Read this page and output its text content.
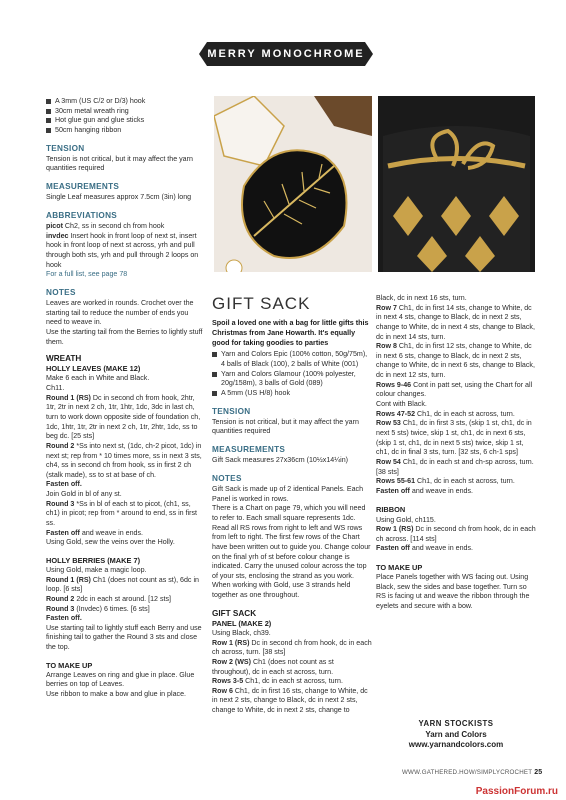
MERRY MONOCHROME
A 3mm (US C/2 or D/3) hook
30cm metal wreath ring
Hot glue gun and glue sticks
50cm hanging ribbon
TENSION

Tension is not critical, but it may affect the yarn quantities required

MEASUREMENTS

Single Leaf measures approx 7.5cm (3in) long

ABBREVIATIONS

picot Ch2, ss in second ch from hook

invdec Insert hook in front loop of next st, insert hook in front loop of next st across, yrh and pull through both sts, yrh and pull through 2 loops on hook

For a full list, see page 78

NOTES

Leaves are worked in rounds. Crochet over the starting tail to reduce the number of ends you need to weave in.

Use the starting tail from the Berries to lightly stuff them.

WREATH
HOLLY LEAVES (MAKE 12)

Make 6 each in White and Black.

Ch11.

Round 1 (RS) Dc in second ch from hook, 2htr, 1tr, 2tr in next 2 ch, 1tr, 1htr, 1dc, 3dc in last ch, turn to work down opposite side of foundation ch, 1dc, 1htr, 1tr, 2tr in next 2 ch, 1tr, 2htr, 1dc, ss to beg dc. [25 sts]

Round 2 *Ss into next st, (1dc, ch-2 picot, 1dc) in next st; rep from * 10 times more, ss in next 3 sts, ch4, ss in second ch from hook, ss in first 2 ch (stalk made), ss to st at base of ch.

Fasten off.

Join Gold in bl of any st.

Round 3 *Ss in bl of each st to picot, (ch1, ss, ch1) in picot; rep from * around to end, ss in first ss.

Fasten off and weave in ends.

Using Gold, sew the veins over the Holly.

HOLLY BERRIES (MAKE 7)

Using Gold, make a magic loop.

Round 1 (RS) Ch1 (does not count as st), 6dc in loop. [6 sts]

Round 2 2dc in each st around. [12 sts]

Round 3 (Invdec) 6 times. [6 sts]

Fasten off.

Use starting tail to lightly stuff each Berry and use finishing tail to gather the Round 3 sts and close the top.

TO MAKE UP

Arrange Leaves on ring and glue in place. Glue berries on top of Leaves.

Use ribbon to make a bow and glue in place.

GIFT SACK

Spoil a loved one with a bag for little gifts this Christmas from Jane Howarth. It's equally good for taking goodies to parties

Yarn and Colors Epic (100% cotton, 50g/75m), 4 balls of Black (100), 2 balls of White (001)
Yarn and Colors Glamour (100% polyester, 20g/158m), 3 balls of Gold (089)
A 5mm (US H/8) hook
TENSION

Tension is not critical, but it may affect the yarn quantities required

MEASUREMENTS

Gift Sack measures 27x36cm (10½x14¼in)

NOTES

Gift Sack is made up of 2 identical Panels. Each Panel is worked in rows.

There is a Chart on page 79, which you will need to refer to. Each small square represents 1dc. Read all RS rows from right to left and WS rows from left to right. The first few rows of the Chart have been written out to guide you. Change colour on the final yrh of st before colour change is indicated. Carry the unused colour across the top of your sts, enclosing the strand as you work.

When working with Gold, use 3 strands held together as one throughout.

GIFT SACK
PANEL (MAKE 2)

Using Black, ch39.

Row 1 (RS) Dc in second ch from hook, dc in each ch across, turn. [38 sts]

Row 2 (WS) Ch1 (does not count as st throughout), dc in each st across, turn.

Rows 3-5 Ch1, dc in each st across, turn.

Row 6 Ch1, dc in first 16 sts, change to White, dc in next 2 sts, change to Black, dc in next 2 sts, change to White, dc in next 2 sts, change to

Black, dc in next 16 sts, turn.

Row 7 Ch1, dc in first 14 sts, change to White, dc in next 4 sts, change to Black, dc in next 2 sts, change to White, dc in next 4 sts, change to Black, dc in next 14 sts, turn.

Row 8 Ch1, dc in first 12 sts, change to White, dc in next 6 sts, change to Black, dc in next 2 sts, change to White, dc in next 6 sts, change to Black, dc in next 12 sts, turn.

Rows 9-46 Cont in patt set, using the Chart for all colour changes.

Cont with Black.

Rows 47-52 Ch1, dc in each st across, turn.

Row 53 Ch1, dc in first 3 sts, (skip 1 st, ch1, dc in next 5 sts) twice, skip 1 st, ch1, dc in next 6 sts, (skip 1 st, ch1, dc in next 5 sts) twice, skip 1 st, ch1, dc in final 3 sts, turn. [32 sts, 6 ch-1 sps]

Row 54 Ch1, dc in each st and ch-sp across, turn. [38 sts]

Rows 55-61 Ch1, dc in each st across, turn.

Fasten off and weave in ends.

RIBBON

Using Gold, ch115.

Row 1 (RS) Dc in second ch from hook, dc in each ch across. [114 sts]

Fasten off and weave in ends.

TO MAKE UP

Place Panels together with WS facing out. Using Black, sew the sides and base together. Turn so RS is facing ut and weave the ribbon through the eyelets and secure with a bow.

YARN STOCKISTS
Yarn and Colors
www.yarnandcolors.com
WWW.GATHERED.HOW/SIMPLYCROCHET 25
PassionForum.ru
